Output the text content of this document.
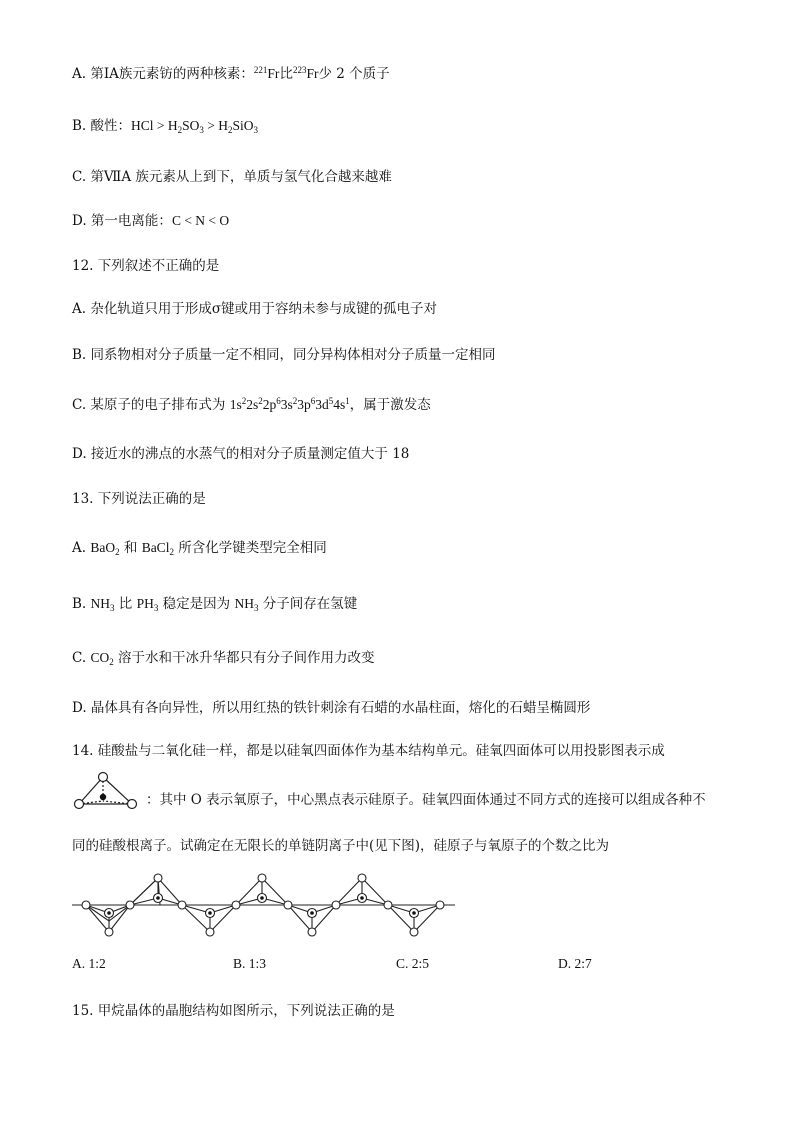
A. 第ⅠA族元素钫的两种核素：$^{221}$Fr比$^{223}$Fr少 2 个质子
B. 酸性：HCl > $H_2SO_3 > H_2SiO_3$
C. 第ⅦA 族元素从上到下，单质与氢气化合越来越难
D. 第一电离能：C < N < O
12. 下列叙述不正确的是
A. 杂化轨道只用于形成σ键或用于容纳未参与成键的孤电子对
B. 同系物相对分子质量一定不相同，同分异构体相对分子质量一定相同
C. 某原子的电子排布式为 $1s^22s^22p^63s^23p^63d^54s^1$，属于激发态
D. 接近水的沸点的水蒸气的相对分子质量测定值大于 18
13. 下列说法正确的是
A. BaO$_2$ 和 BaCl$_2$ 所含化学键类型完全相同
B. $NH_3$ 比 $PH_3$ 稳定是因为 $NH_3$ 分子间存在氢键
C. $CO_2$ 溶于水和干冰升华都只有分子间作用力改变
D. 晶体具有各向异性，所以用红热的铁针刺涂有石蜡的水晶柱面，熔化的石蜡呈椭圆形
14. 硅酸盐与二氧化硅一样，都是以硅氧四面体作为基本结构单元。硅氧四面体可以用投影图表示成
：其中 O 表示氧原子，中心黑点表示硅原子。硅氧四面体通过不同方式的连接可以组成各种不
同的硅酸根离子。试确定在无限长的单链阴离子中(见下图)，硅原子与氧原子的个数之比为
A. 1:2	B. 1:3	C. 2:5	D. 2:7
15. 甲烷晶体的晶胞结构如图所示，下列说法正确的是
